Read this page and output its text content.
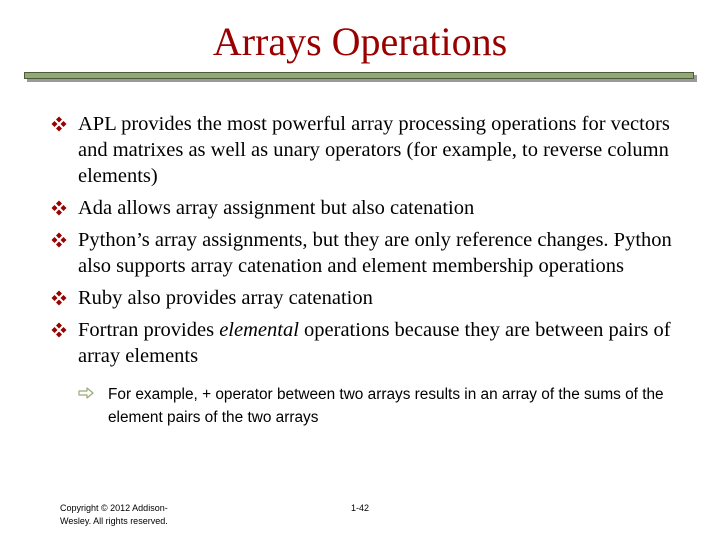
Arrays Operations
APL provides the most powerful array processing operations for vectors and matrixes as well as unary operators (for example, to reverse column elements)
Ada allows array assignment but also catenation
Python’s array assignments, but they are only reference changes. Python also supports array catenation and element membership operations
Ruby also provides array catenation
Fortran provides elemental operations because they are between pairs of array elements
For example, + operator between two arrays results in an array of the sums of the element pairs of the two arrays
Copyright © 2012 Addison-
Wesley. All rights reserved.
1-42
